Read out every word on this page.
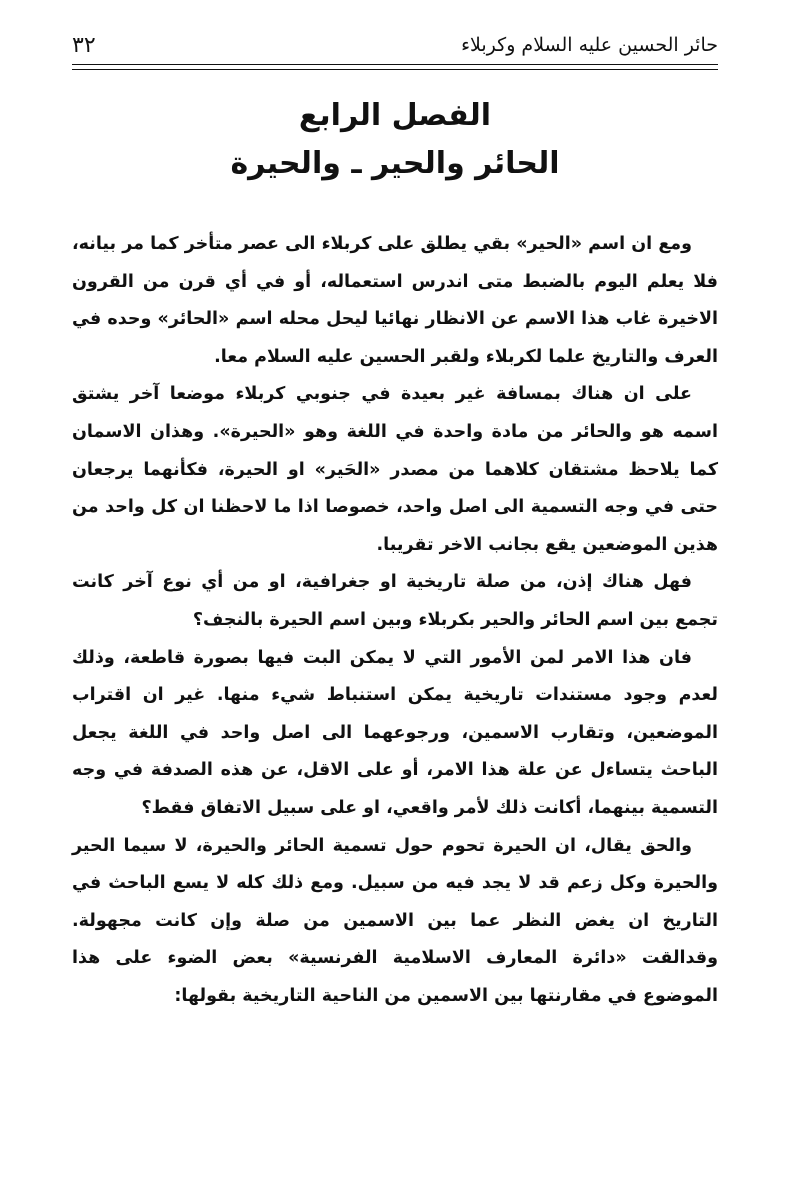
حائر الحسين عليه السلام وكربلاء
٣٢
الفصل الرابع
الحائر والحير ـ والحيرة

ومع ان اسم «الحير» بقي يطلق على كربلاء الى عصر متأخر كما مر بيانه، فلا يعلم اليوم بالضبط متى اندرس استعماله، أو في أي قرن من القرون الاخيرة غاب هذا الاسم عن الانظار نهائيا ليحل محله اسم «الحائر» وحده في العرف والتاريخ علما لكربلاء ولقبر الحسين عليه السلام معا.

على ان هناك بمسافة غير بعيدة في جنوبي كربلاء موضعا آخر يشتق اسمه هو والحائر من مادة واحدة في اللغة وهو «الحيرة». وهذان الاسمان كما يلاحظ مشتقان كلاهما من مصدر «الحَير» او الحيرة، فكأنهما يرجعان حتى في وجه التسمية الى اصل واحد، خصوصا اذا ما لاحظنا ان كل واحد من هذين الموضعين يقع بجانب الاخر تقريبا.

فهل هناك إذن، من صلة تاريخية او جغرافية، او من أي نوع آخر كانت تجمع بين اسم الحائر والحير بكربلاء وبين اسم الحيرة بالنجف؟

فان هذا الامر لمن الأمور التي لا يمكن البت فيها بصورة قاطعة، وذلك لعدم وجود مستندات تاريخية يمكن استنباط شيء منها. غير ان اقتراب الموضعين، وتقارب الاسمين، ورجوعهما الى اصل واحد في اللغة يجعل الباحث يتساءل عن علة هذا الامر، أو على الاقل، عن هذه الصدفة في وجه التسمية بينهما، أكانت ذلك لأمر واقعي، او على سبيل الاتفاق فقط؟

والحق يقال، ان الحيرة تحوم حول تسمية الحائر والحيرة، لا سيما الحير والحيرة وكل زعم قد لا يجد فيه من سبيل. ومع ذلك كله لا يسع الباحث في التاريخ ان يغض النظر عما بين الاسمين من صلة وإن كانت مجهولة. وقدالقت «دائرة المعارف الاسلامية الفرنسية» بعض الضوء على هذا الموضوع في مقارنتها بين الاسمين من الناحية التاريخية بقولها:
